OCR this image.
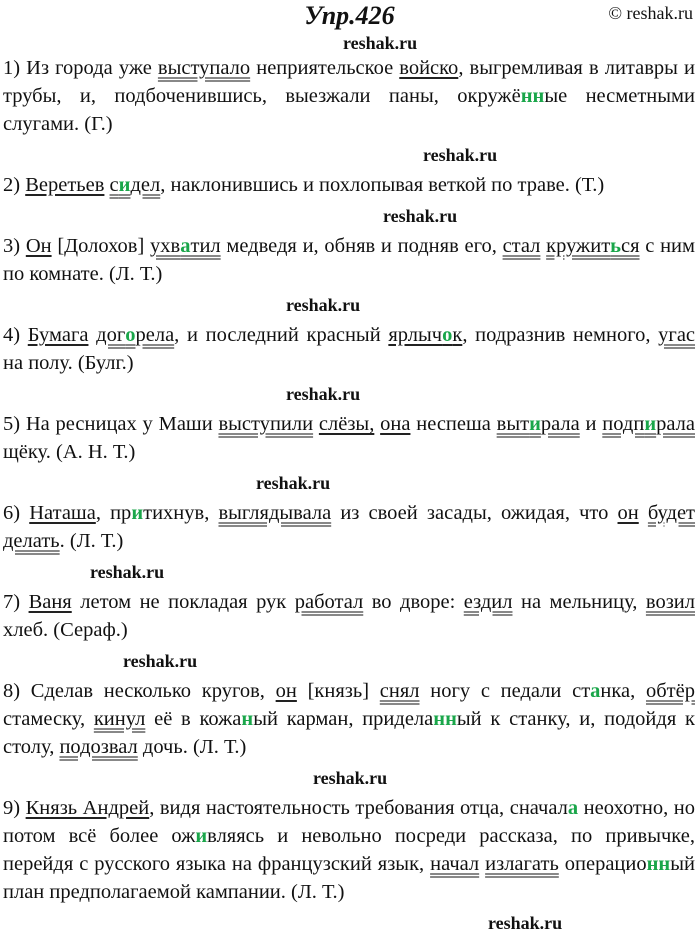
Упр.426	© reshak.ru
reshak.ru

1) Из города уже выступало неприятельское войско, выгремливая в литавры и трубы, и, подбоченившись, выезжали паны, окружённые несметными слугами. (Г.)

reshak.ru

2) Веретьев сидел, наклонившись и похлопывая веткой по траве. (Т.)

reshak.ru

3) Он [Долохов] ухватил медведя и, обняв и подняв его, стал кружиться с ним по комнате. (Л. Т.)

reshak.ru

4) Бумага догорела, и последний красный ярлычок, подразнив немного, угас на полу. (Булг.)

reshak.ru

5) На ресницах у Маши выступили слёзы, она неспеша вытирала и подпирала щёку. (А. Н. Т.)

reshak.ru

6) Наташа, притихнув, выглядывала из своей засады, ожидая, что он будет делать. (Л. Т.)

reshak.ru

7) Ваня летом не покладая рук работал во дворе: ездил на мельницу, возил хлеб. (Сераф.)

reshak.ru

8) Сделав несколько кругов, он [князь] снял ногу с педали станка, обтёр стамеску, кинул её в кожаный карман, приделaнный к станку, и, подойдя к столу, подозвал дочь. (Л. Т.)

reshak.ru

9) Князь Андрей, видя настоятельность требования отца, сначала неохотно, но потом всё более оживляясь и невольно посреди рассказа, по привычке, перейдя с русского языка на французский язык, начал излагать операционный план предполагаемой кампании. (Л. Т.)

reshak.ru
